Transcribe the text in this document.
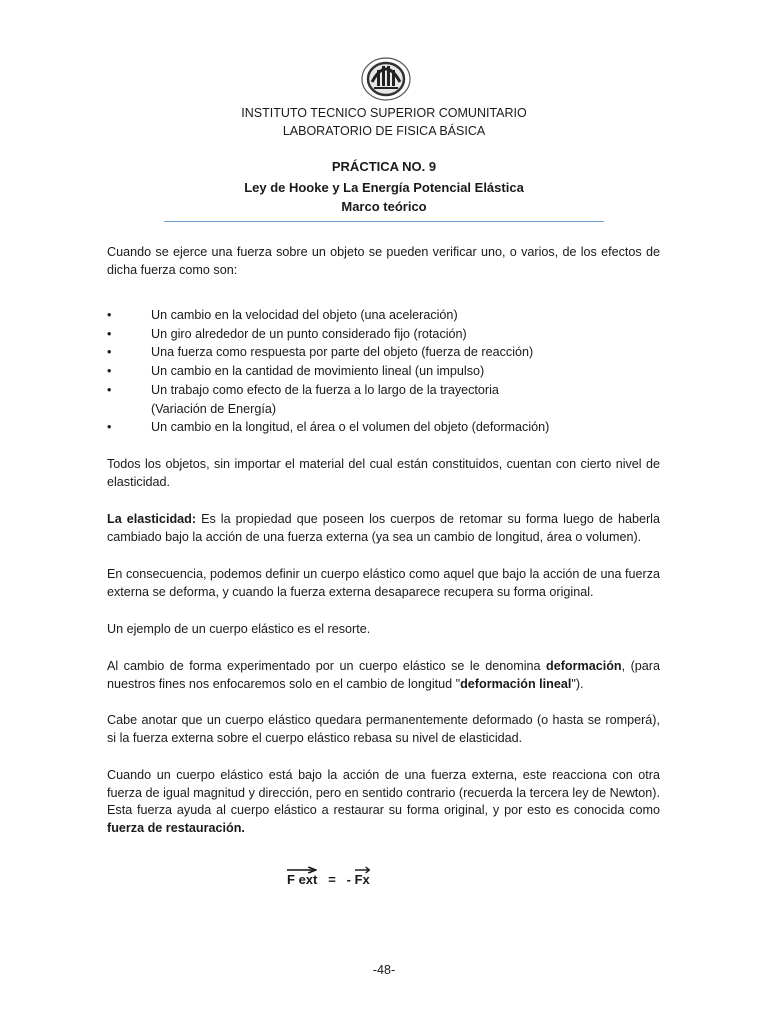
INSTITUTO TECNICO SUPERIOR COMUNITARIO
LABORATORIO DE FISICA BÁSICA
PRÁCTICA NO. 9
Ley de Hooke y La Energía Potencial Elástica
Marco teórico

Cuando se ejerce una fuerza sobre un objeto se pueden verificar uno, o varios, de los efectos de dicha fuerza como son:

•	Un cambio en la velocidad del objeto (una aceleración)
•	Un giro alrededor de un punto considerado fijo (rotación)
•	Una fuerza como respuesta por parte del objeto (fuerza de reacción)
•	Un cambio en la cantidad de movimiento lineal (un impulso)
•	Un trabajo como efecto de la fuerza a lo largo de la trayectoria
(Variación de Energía)
•	Un cambio en la longitud, el área o el volumen del objeto (deformación)

Todos los objetos, sin importar el material del cual están constituidos, cuentan con cierto nivel de elasticidad.

La elasticidad: Es la propiedad que poseen los cuerpos de retomar su forma luego de haberla cambiado bajo la acción de una fuerza externa (ya sea un cambio de longitud, área o volumen).

En consecuencia, podemos definir un cuerpo elástico como aquel que bajo la acción de una fuerza externa se deforma, y cuando la fuerza externa desaparece recupera su forma original.

Un ejemplo de un cuerpo elástico es el resorte.

Al cambio de forma experimentado por un cuerpo elástico se le denomina deformación, (para nuestros fines nos enfocaremos solo en el cambio de longitud "deformación lineal").

Cabe anotar que un cuerpo elástico quedara permanentemente deformado (o hasta se romperá), si la fuerza externa sobre el cuerpo elástico rebasa su nivel de elasticidad.

Cuando un cuerpo elástico está bajo la acción de una fuerza externa, este reacciona con otra fuerza de igual magnitud y dirección, pero en sentido contrario (recuerda la tercera ley de Newton). Esta fuerza ayuda al cuerpo elástico a restaurar su forma original, y por esto es conocida como fuerza de restauración.

F ext   =   -
Fx
-48-
